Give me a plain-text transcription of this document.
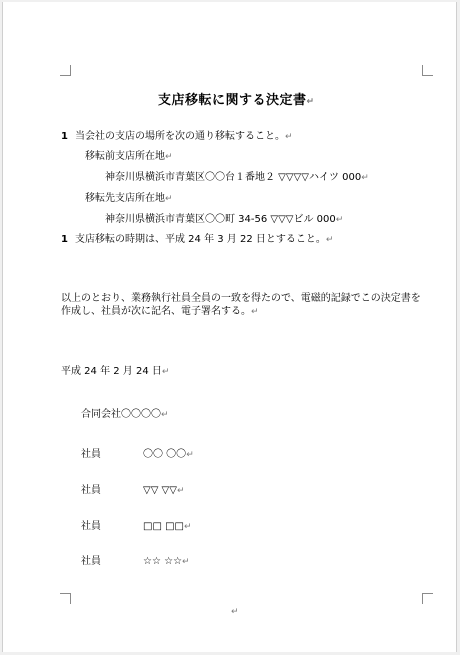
支店移転に関する決定書↵
1 当会社の支店の場所を次の通り移転すること。↵
移転前支店所在地↵
神奈川県横浜市青葉区〇〇台１番地２ ▽▽▽▽ハイツ 000↵
移転先支店所在地↵
神奈川県横浜市青葉区〇〇町 34-56 ▽▽▽ビル 000↵
1 支店移転の時期は、平成 24 年 3 月 22 日とすること。↵
以上のとおり、業務執行社員全員の一致を得たので、電磁的記録でこの決定書を作成し、社員が次に記名、電子署名する。↵
平成 24 年 2 月 24 日↵
合同会社〇〇〇〇↵
社員	〇〇 〇〇↵
社員	▽▽ ▽▽↵
社員	□□ □□↵
社員	☆☆ ☆☆↵
↵
